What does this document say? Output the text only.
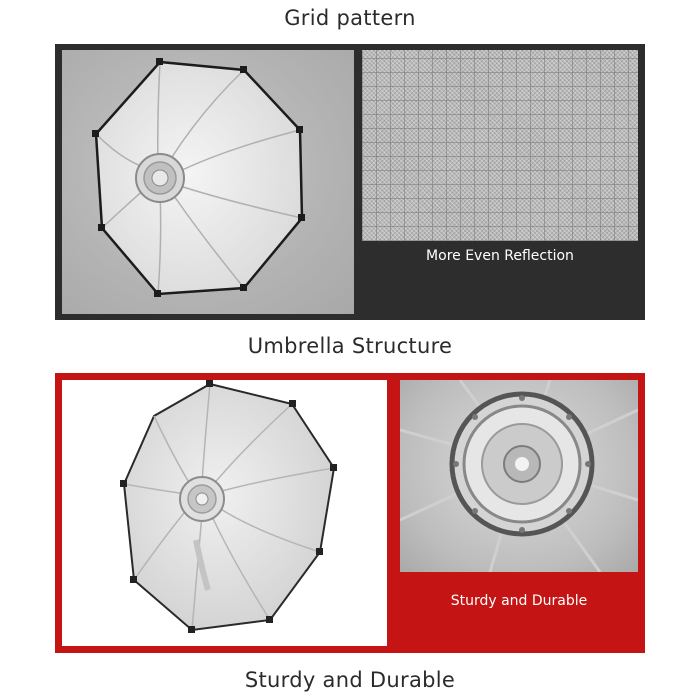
Grid pattern
More Even Reflection
Umbrella Structure
Sturdy and Durable
Sturdy and Durable
